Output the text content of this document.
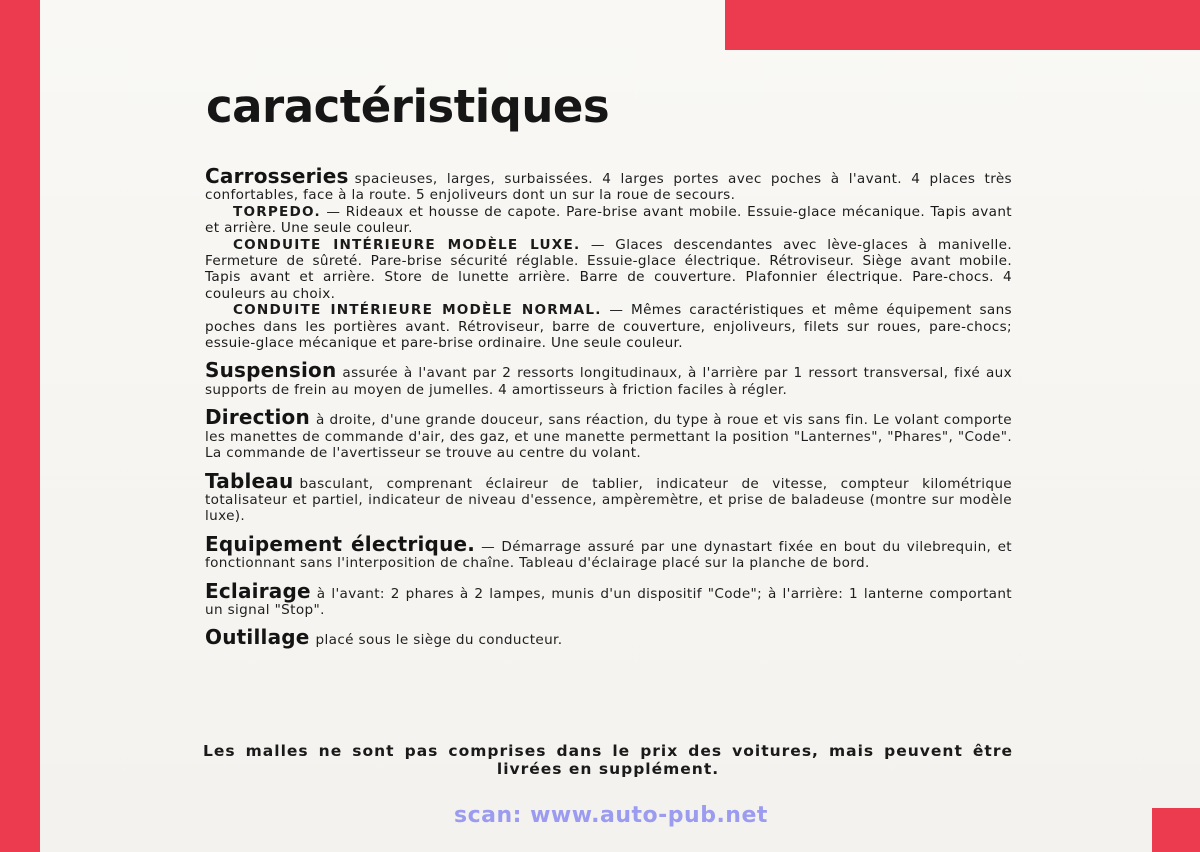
caractéristiques

Carrosseries spacieuses, larges, surbaissées. 4 larges portes avec poches à l'avant. 4 places très confortables, face à la route. 5 enjoliveurs dont un sur la roue de secours.

TORPEDO. — Rideaux et housse de capote. Pare-brise avant mobile. Essuie-glace mécanique. Tapis avant et arrière. Une seule couleur.

CONDUITE INTÉRIEURE MODÈLE LUXE. — Glaces descendantes avec lève-glaces à manivelle. Fermeture de sûreté. Pare-brise sécurité réglable. Essuie-glace électrique. Rétroviseur. Siège avant mobile. Tapis avant et arrière. Store de lunette arrière. Barre de couverture. Plafonnier électrique. Pare-chocs. 4 couleurs au choix.

CONDUITE INTÉRIEURE MODÈLE NORMAL. — Mêmes caractéristiques et même équipement sans poches dans les portières avant. Rétroviseur, barre de couverture, enjoliveurs, filets sur roues, pare-chocs; essuie-glace mécanique et pare-brise ordinaire. Une seule couleur.

Suspension assurée à l'avant par 2 ressorts longitudinaux, à l'arrière par 1 ressort transversal, fixé aux supports de frein au moyen de jumelles. 4 amortisseurs à friction faciles à régler.

Direction à droite, d'une grande douceur, sans réaction, du type à roue et vis sans fin. Le volant comporte les manettes de commande d'air, des gaz, et une manette permettant la position "Lanternes", "Phares", "Code". La commande de l'avertisseur se trouve au centre du volant.

Tableau basculant, comprenant éclaireur de tablier, indicateur de vitesse, compteur kilométrique totalisateur et partiel, indicateur de niveau d'essence, ampèremètre, et prise de baladeuse (montre sur modèle luxe).

Equipement électrique. — Démarrage assuré par une dynastart fixée en bout du vilebrequin, et fonctionnant sans l'interposition de chaîne. Tableau d'éclairage placé sur la planche de bord.

Eclairage à l'avant: 2 phares à 2 lampes, munis d'un dispositif "Code"; à l'arrière: 1 lanterne comportant un signal "Stop".

Outillage placé sous le siège du conducteur.

Les malles ne sont pas comprises dans le prix des voitures, mais peuvent être livrées en supplément.

scan: www.auto-pub.net
